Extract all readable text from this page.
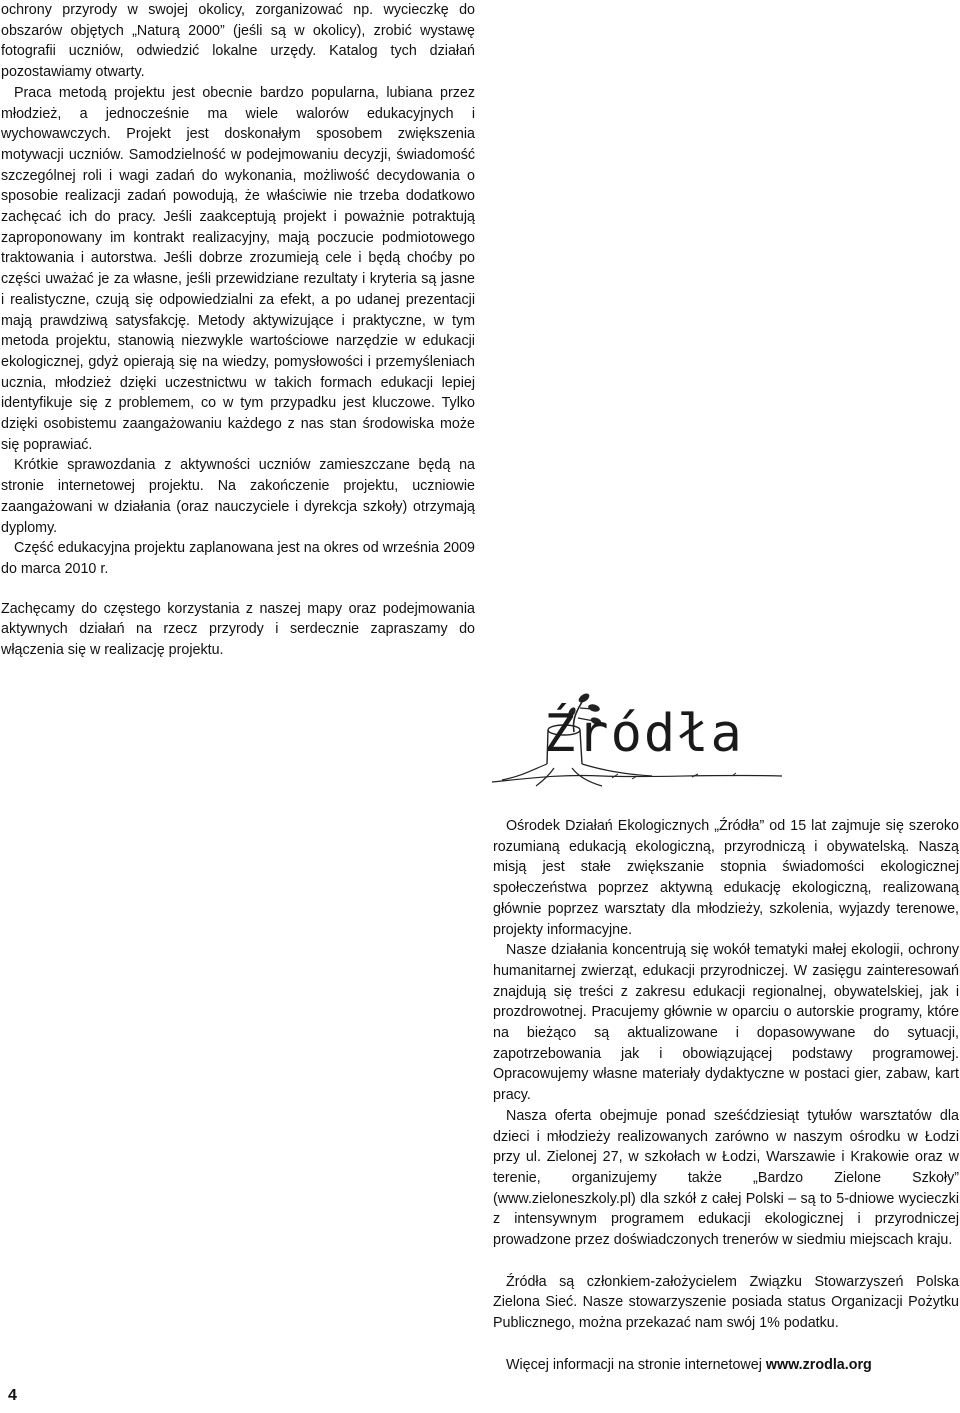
ochrony przyrody w swojej okolicy, zorganizować np. wycieczkę do obszarów objętych „Naturą 2000” (jeśli są w okolicy), zrobić wystawę fotografii uczniów, odwiedzić lokalne urzędy. Katalog tych działań pozostawiamy otwarty.

Praca metodą projektu jest obecnie bardzo popularna, lubiana przez młodzież, a jednocześnie ma wiele walorów edukacyjnych i wychowawczych. Projekt jest doskonałym sposobem zwiększenia motywacji uczniów. Samodzielność w podejmowaniu decyzji, świadomość szczególnej roli i wagi zadań do wykonania, możliwość decydowania o sposobie realizacji zadań powodują, że właściwie nie trzeba dodatkowo zachęcać ich do pracy. Jeśli zaakceptują projekt i poważnie potraktują zaproponowany im kontrakt realizacyjny, mają poczucie podmiotowego traktowania i autorstwa. Jeśli dobrze zrozumieją cele i będą choćby po części uważać je za własne, jeśli przewidziane rezultaty i kryteria są jasne i realistyczne, czują się odpowiedzialni za efekt, a po udanej prezentacji mają prawdziwą satysfakcję. Metody aktywizujące i praktyczne, w tym metoda projektu, stanowią niezwykle wartościowe narzędzie w edukacji ekologicznej, gdyż opierają się na wiedzy, pomysłowości i przemyśleniach ucznia, młodzież dzięki uczestnictwu w takich formach edukacji lepiej identyfikuje się z problemem, co w tym przypadku jest kluczowe. Tylko dzięki osobistemu zaangażowaniu każdego z nas stan środowiska może się poprawiać.

Krótkie sprawozdania z aktywności uczniów zamieszczane będą na stronie internetowej projektu. Na zakończenie projektu, uczniowie zaangażowani w działania (oraz nauczyciele i dyrekcja szkoły) otrzymają dyplomy.

Część edukacyjna projektu zaplanowana jest na okres od września 2009 do marca 2010 r.

Zachęcamy do częstego korzystania z naszej mapy oraz podejmowania aktywnych działań na rzecz przyrody i serdecznie zapraszamy do włączenia się w realizację projektu.

Źródła

Ośrodek Działań Ekologicznych „Źródła” od 15 lat zajmuje się szeroko rozumianą edukacją ekologiczną, przyrodniczą i obywatelską. Naszą misją jest stałe zwiększanie stopnia świadomości ekologicznej społeczeństwa poprzez aktywną edukację ekologiczną, realizowaną głównie poprzez warsztaty dla młodzieży, szkolenia, wyjazdy terenowe, projekty informacyjne.

Nasze działania koncentrują się wokół tematyki małej ekologii, ochrony humanitarnej zwierząt, edukacji przyrodniczej. W zasięgu zainteresowań znajdują się treści z zakresu edukacji regionalnej, obywatelskiej, jak i prozdrowotnej. Pracujemy głównie w oparciu o autorskie programy, które na bieżąco są aktualizowane i dopasowywane do sytuacji, zapotrzebowania jak i obowiązującej podstawy programowej. Opracowujemy własne materiały dydaktyczne w postaci gier, zabaw, kart pracy.

Nasza oferta obejmuje ponad sześćdziesiąt tytułów warsztatów dla dzieci i młodzieży realizowanych zarówno w naszym ośrodku w Łodzi przy ul. Zielonej 27, w szkołach w Łodzi, Warszawie i Krakowie oraz w terenie, organizujemy także „Bardzo Zielone Szkoły” (www.zieloneszkoly.pl) dla szkół z całej Polski – są to 5-dniowe wycieczki z intensywnym programem edukacji ekologicznej i przyrodniczej prowadzone przez doświadczonych trenerów w siedmiu miejscach kraju.

Źródła są członkiem-założycielem Związku Stowarzyszeń Polska Zielona Sieć. Nasze stowarzyszenie posiada status Organizacji Pożytku Publicznego, można przekazać nam swój 1% podatku.

Więcej informacji na stronie internetowej www.zrodla.org

4
